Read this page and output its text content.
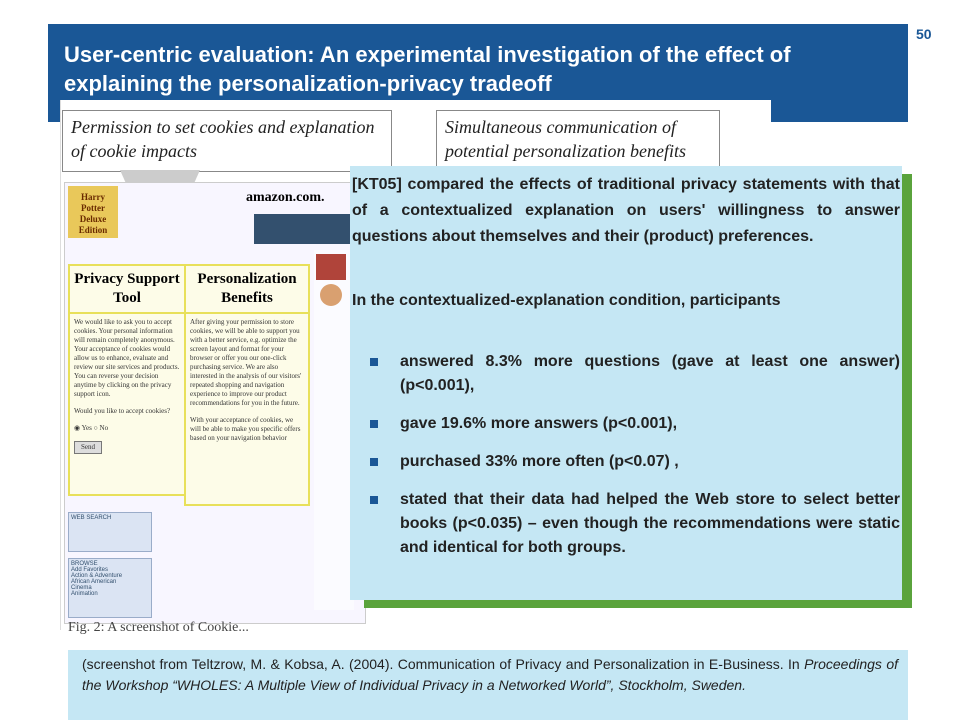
User-centric evaluation: An experimental investigation of the effect of explaining the personalization-privacy tradeoff
50
Permission to set cookies and explanation of cookie impacts
Simultaneous communication of potential personalization benefits
Harry Potter Deluxe Edition
amazon.com.
Privacy Support Tool
We would like to ask you to accept cookies. Your personal information will remain completely anonymous. Your acceptance of cookies would allow us to enhance, evaluate and review our site services and products. You can reverse your decision anytime by clicking on the privacy support icon.
Would you like to accept cookies?
◉ Yes ○ No
Send
Personalization Benefits
After giving your permission to store cookies, we will be able to support you with a better service, e.g. optimize the screen layout and format for your browser or offer you our one-click purchasing service. We are also interested in the analysis of our visitors' repeated shopping and navigation experience to improve our product recommendations for you in the future.
With your acceptance of cookies, we will be able to make you specific offers based on your navigation behavior
WEB SEARCH
BROWSE
Add Favorites
Action & Adventure
African American
Cinema
Animation
Fig. 2: A screenshot of Cookie...

[KT05] compared the effects of traditional privacy statements with that of a contextualized explanation on users' willingness to answer questions about themselves and their (product) preferences.

In the contextualized-explanation condition, participants

answered 8.3% more questions (gave at least one answer) (p<0.001),
gave 19.6% more answers (p<0.001),
purchased 33% more often (p<0.07) ,
stated that their data had helped the Web store to select better books (p<0.035) – even though the recommendations were static and identical for both groups.
(screenshot from Teltzrow, M. & Kobsa, A. (2004). Communication of Privacy and Personalization in E-Business. In Proceedings of the Workshop “WHOLES: A Multiple View of Individual Privacy in a Networked World”, Stockholm, Sweden.
